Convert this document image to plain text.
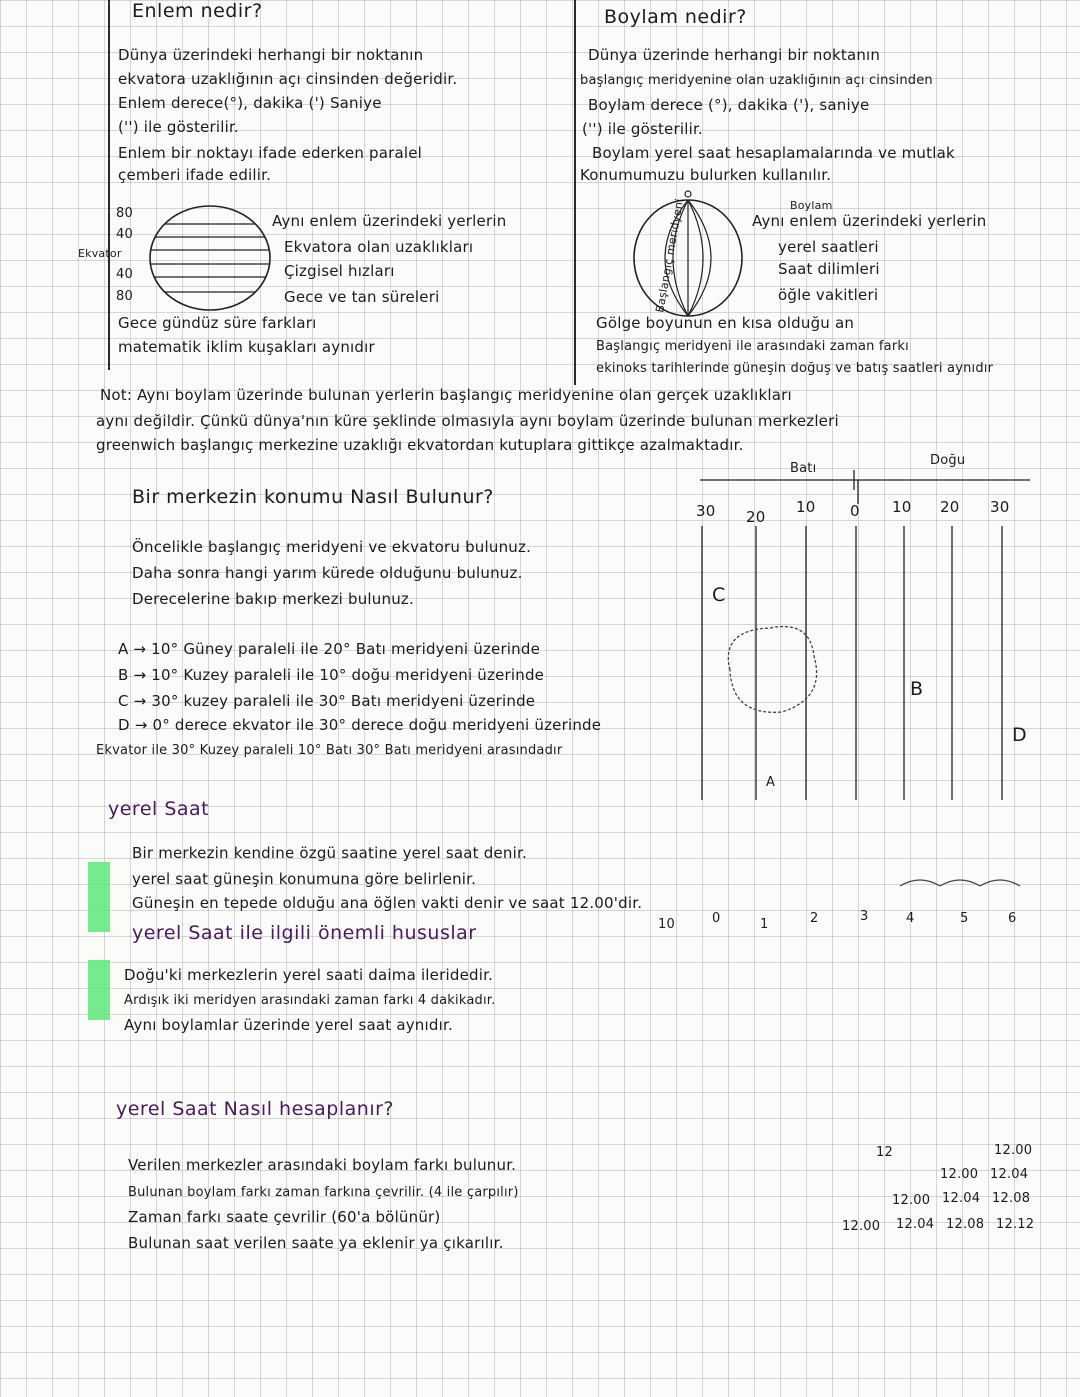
Enlem nedir?
Dünya üzerindeki herhangi bir noktanın
ekvatora uzaklığının açı cinsinden değeridir.
Enlem derece(°), dakika (') Saniye
('') ile gösterilir.
Enlem bir noktayı ifade ederken paralel
çemberi ifade edilir.
Boylam nedir?
Dünya üzerinde herhangi bir noktanın
başlangıç meridyenine olan uzaklığının açı cinsinden
Boylam derece (°), dakika ('), saniye
('') ile gösterilir.
Boylam yerel saat hesaplamalarında ve mutlak
Konumumuzu bulurken kullanılır.
80
40
Ekvator
40
80
Aynı enlem üzerindeki yerlerin
Ekvatora olan uzaklıkları
Çizgisel hızları
Gece ve tan süreleri
Gece gündüz süre farkları
matematik iklim kuşakları aynıdır
Başlangıç meridyeni	Boylam
Aynı enlem üzerindeki yerlerin
yerel saatleri
Saat dilimleri
öğle vakitleri
Gölge boyunun en kısa olduğu an
Başlangıç meridyeni ile arasındaki zaman farkı
ekinoks tarihlerinde güneşin doğuş ve batış saatleri aynıdır
Not: Aynı boylam üzerinde bulunan yerlerin başlangıç meridyenine olan gerçek uzaklıkları
aynı değildir. Çünkü dünya'nın küre şeklinde olmasıyla aynı boylam üzerinde bulunan merkezleri
greenwich başlangıç merkezine uzaklığı ekvatordan kutuplara gittikçe azalmaktadır.
Bir merkezin konumu Nasıl Bulunur?
Öncelikle başlangıç meridyeni ve ekvatoru bulunuz.
Daha sonra hangi yarım kürede olduğunu bulunuz.
Derecelerine bakıp merkezi bulunuz.
A → 10° Güney paraleli ile 20° Batı meridyeni üzerinde
B → 10° Kuzey paraleli ile 10° doğu meridyeni üzerinde
C → 30° kuzey paraleli ile 30° Batı meridyeni üzerinde
D → 0° derece ekvator ile 30° derece doğu meridyeni üzerinde
Ekvator ile 30° Kuzey paraleli 10° Batı 30° Batı meridyeni arasındadır
Batı
Doğu
30 20
10 0 10 20 30
C
B
D
A
yerel Saat
Bir merkezin kendine özgü saatine yerel saat denir.
yerel saat güneşin konumuna göre belirlenir.
Güneşin en tepede olduğu ana öğlen vakti denir ve saat 12.00'dir.
yerel Saat ile ilgili önemli hususlar
Doğu'ki merkezlerin yerel saati daima ileridedir.
Ardışık iki meridyen arasındaki zaman farkı 4 dakikadır.
Aynı boylamlar üzerinde yerel saat aynıdır.
10	0	1	2	3	4	5	6
yerel Saat Nasıl hesaplanır?
Verilen merkezler arasındaki boylam farkı bulunur.
Bulunan boylam farkı zaman farkına çevrilir. (4 ile çarpılır)
Zaman farkı saate çevrilir (60'a bölünür)
Bulunan saat verilen saate ya eklenir ya çıkarılır.
12	12.00
12.00 12.04
12.00 12.04 12.08
12.00 12.04 12.08 12.12
